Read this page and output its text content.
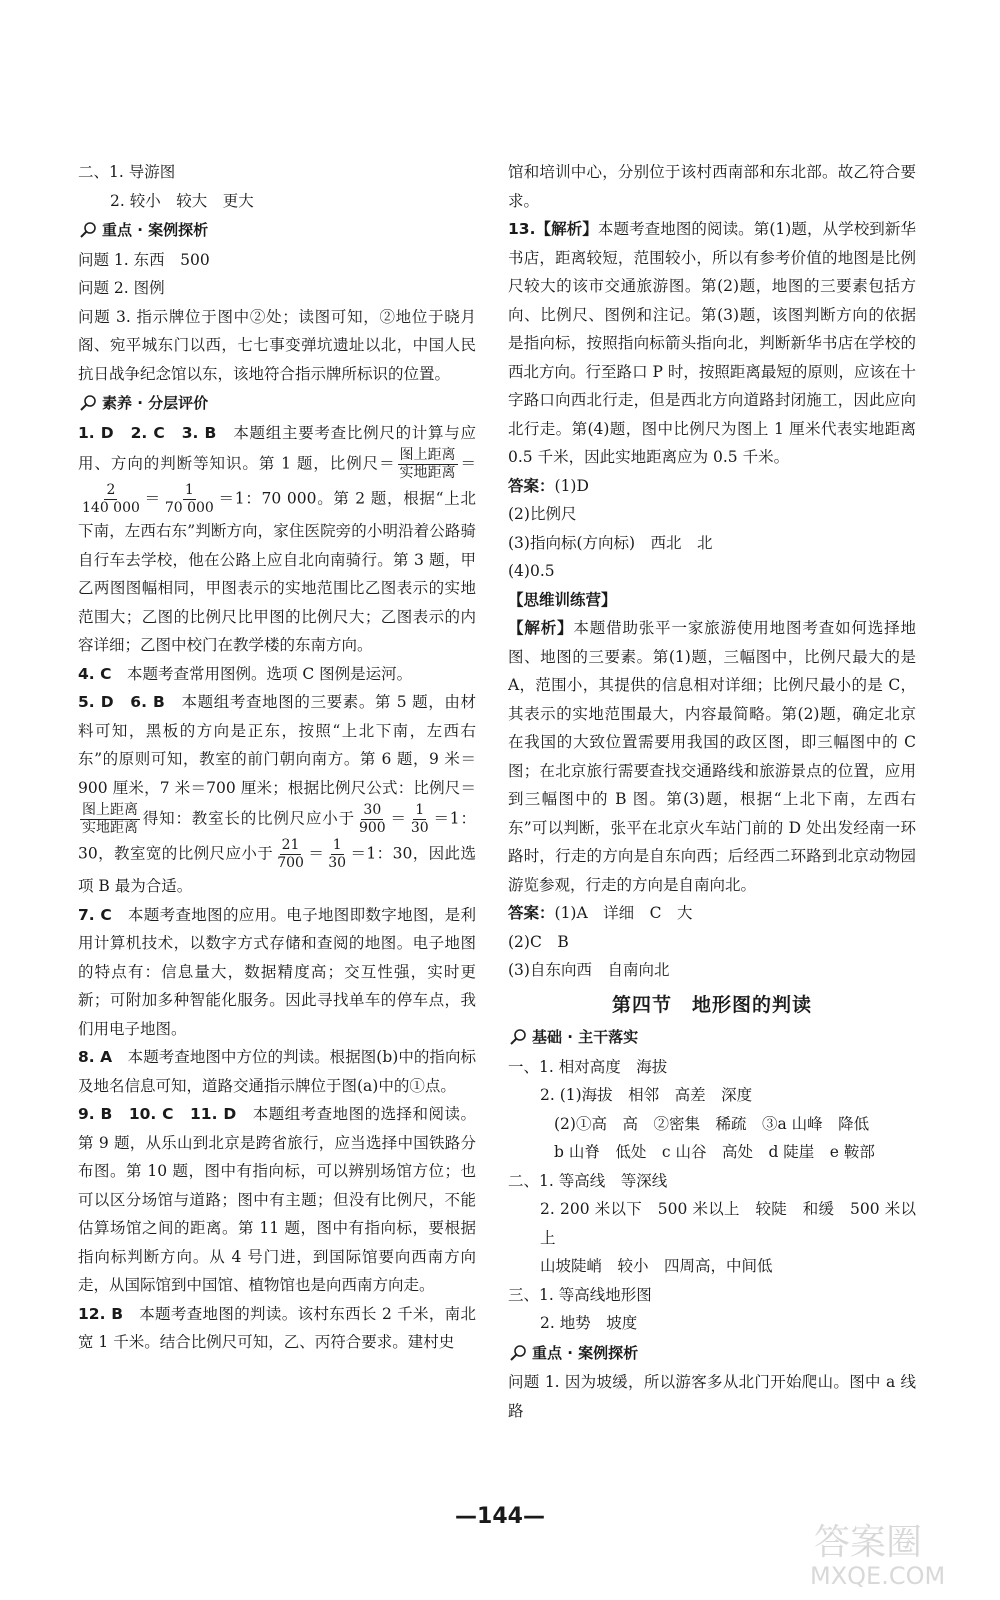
二、1. 导游图

2. 较小　较大　更大

重点 · 案例探析

问题 1. 东西　500

问题 2. 图例

问题 3. 指示牌位于图中②处；读图可知，②地位于晓月阁、宛平城东门以西，七七事变弹坑遗址以北，中国人民抗日战争纪念馆以东，该地符合指示牌所标识的位置。

素养 · 分层评价

1. D　2. C　3. B　本题组主要考查比例尺的计算与应用、方向的判断等知识。第 1 题，比例尺＝ $\frac{\text{图上距离}}{\text{实地距离}}$ ＝
$\frac{2}{140 000} = \frac{1}{70 000} =1$：70 000。第 2 题，根据“上北下南，左西右东”判断方向，家住医院旁的小明沿着公路骑自行车去学校，他在公路上应自北向南骑行。第 3 题，甲乙两图图幅相同，甲图表示的实地范围比乙图表示的实地范围大；乙图的比例尺比甲图的比例尺大；乙图表示的内容详细；乙图中校门在教学楼的东南方向。

4. C　本题考查常用图例。选项 C 图例是运河。

5. D　6. B　本题组考查地图的三要素。第 5 题，由材料可知，黑板的方向是正东，按照“上北下南，左西右东”的原则可知，教室的前门朝向南方。第 6 题，9 米＝900 厘米，7 米＝700 厘米；根据比例尺公式：比例尺＝
$\frac{\text{图上距离}}{\text{实地距离}}$ 得知：教室长的比例尺应小于 $\frac{30}{900} = \frac{1}{30} =1$：30，教室宽的比例尺应小于 $\frac{21}{700} = \frac{1}{30} =1$：30，因此选项 B 最为合适。

7. C　本题考查地图的应用。电子地图即数字地图，是利用计算机技术，以数字方式存储和查阅的地图。电子地图的特点有：信息量大，数据精度高；交互性强，实时更新；可附加多种智能化服务。因此寻找单车的停车点，我们用电子地图。

8. A　本题考查地图中方位的判读。根据图(b)中的指向标及地名信息可知，道路交通指示牌位于图(a)中的①点。

9. B　10. C　11. D　本题组考查地图的选择和阅读。第 9 题，从乐山到北京是跨省旅行，应当选择中国铁路分布图。第 10 题，图中有指向标，可以辨别场馆方位；也可以区分场馆与道路；图中有主题；但没有比例尺，不能估算场馆之间的距离。第 11 题，图中有指向标，要根据指向标判断方向。从 4 号门进，到国际馆要向西南方向走，从国际馆到中国馆、植物馆也是向西南方向走。

12. B　本题考查地图的判读。该村东西长 2 千米，南北宽 1 千米。结合比例尺可知，乙、丙符合要求。建村史

馆和培训中心，分别位于该村西南部和东北部。故乙符合要求。

13.【解析】本题考查地图的阅读。第(1)题，从学校到新华书店，距离较短，范围较小，所以有参考价值的地图是比例尺较大的该市交通旅游图。第(2)题，地图的三要素包括方向、比例尺、图例和注记。第(3)题，该图判断方向的依据是指向标，按照指向标箭头指向北，判断新华书店在学校的西北方向。行至路口 P 时，按照距离最短的原则，应该在十字路口向西北行走，但是西北方向道路封闭施工，因此应向北行走。第(4)题，图中比例尺为图上 1 厘米代表实地距离 0.5 千米，因此实地距离应为 0.5 千米。

答案：(1)D

(2)比例尺

(3)指向标(方向标)　西北　北

(4)0.5

【思维训练营】

【解析】本题借助张平一家旅游使用地图考查如何选择地图、地图的三要素。第(1)题，三幅图中，比例尺最大的是 A，范围小，其提供的信息相对详细；比例尺最小的是 C，其表示的实地范围最大，内容最简略。第(2)题，确定北京在我国的大致位置需要用我国的政区图，即三幅图中的 C 图；在北京旅行需要查找交通路线和旅游景点的位置，应用到三幅图中的 B 图。第(3)题，根据“上北下南，左西右东”可以判断，张平在北京火车站门前的 D 处出发经南一环路时，行走的方向是自东向西；后经西二环路到北京动物园游览参观，行走的方向是自南向北。

答案：(1)A　详细　C　大

(2)C　B

(3)自东向西　自南向北

第四节　地形图的判读
基础 · 主干落实

一、1. 相对高度　海拔

2. (1)海拔　相邻　高差　深度

(2)①高　高　②密集　稀疏　③a 山峰　降低

b 山脊　低处　c 山谷　高处　d 陡崖　e 鞍部

二、1. 等高线　等深线

2. 200 米以下　500 米以上　较陡　和缓　500 米以上

山坡陡峭　较小　四周高，中间低

三、1. 等高线地形图

2. 地势　坡度

重点 · 案例探析

问题 1. 因为坡缓，所以游客多从北门开始爬山。图中 a 线路

—144—
答案圈
MXQE.COM
